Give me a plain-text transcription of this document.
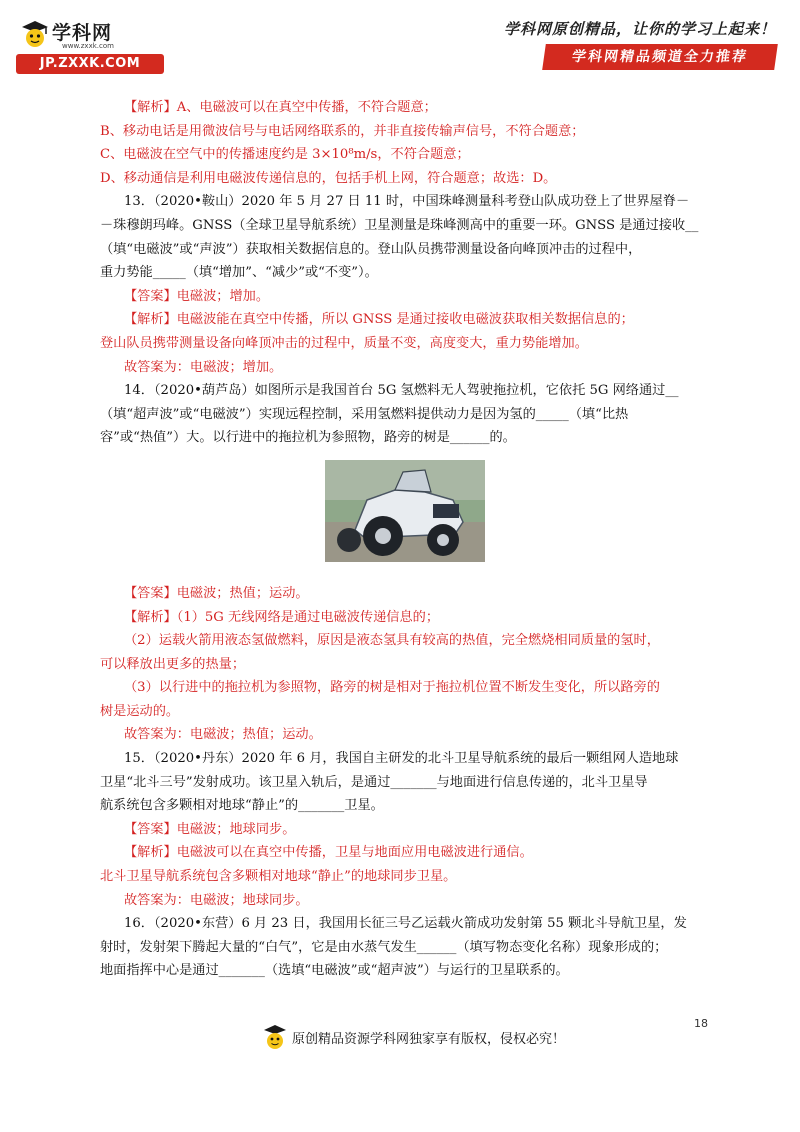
学科网
www.zxxk.com
JP.ZXXK.COM
学科网原创精品，让你的学习上起来！
学科网精品频道全力推荐
【解析】A、电磁波可以在真空中传播，不符合题意；
B、移动电话是用微波信号与电话网络联系的，并非直接传输声信号，不符合题意；
C、电磁波在空气中的传播速度约是 3×10⁸m/s，不符合题意；
D、移动通信是利用电磁波传递信息的，包括手机上网，符合题意；故选：D。
13．（2020•鞍山）2020 年 5 月 27 日 11 时，中国珠峰测量科考登山队成功登上了世界屋脊－
－珠穆朗玛峰。GNSS（全球卫星导航系统）卫星测量是珠峰测高中的重要一环。GNSS 是通过接收__
（填“电磁波”或“声波”）获取相关数据信息的。登山队员携带测量设备向峰顶冲击的过程中，
重力势能_____（填“增加”、“减少”或“不变”）。
【答案】电磁波；增加。
【解析】电磁波能在真空中传播，所以 GNSS 是通过接收电磁波获取相关数据信息的；
登山队员携带测量设备向峰顶冲击的过程中，质量不变，高度变大，重力势能增加。
故答案为：电磁波；增加。
14．（2020•葫芦岛）如图所示是我国首台 5G 氢燃料无人驾驶拖拉机，它依托 5G 网络通过__
（填“超声波”或“电磁波”）实现远程控制，采用氢燃料提供动力是因为氢的_____（填“比热
容”或“热值”）大。以行进中的拖拉机为参照物，路旁的树是______的。
【答案】电磁波；热值；运动。
【解析】（1）5G 无线网络是通过电磁波传递信息的；
（2）运载火箭用液态氢做燃料，原因是液态氢具有较高的热值，完全燃烧相同质量的氢时，
可以释放出更多的热量；
（3）以行进中的拖拉机为参照物，路旁的树是相对于拖拉机位置不断发生变化，所以路旁的
树是运动的。
故答案为：电磁波；热值；运动。
15．（2020•丹东）2020 年 6 月，我国自主研发的北斗卫星导航系统的最后一颗组网人造地球
卫星“北斗三号”发射成功。该卫星入轨后，是通过_______与地面进行信息传递的，北斗卫星导
航系统包含多颗相对地球“静止”的_______卫星。
【答案】电磁波；地球同步。
【解析】电磁波可以在真空中传播，卫星与地面应用电磁波进行通信。
北斗卫星导航系统包含多颗相对地球“静止”的地球同步卫星。
故答案为：电磁波；地球同步。
16．（2020•东营）6 月 23 日，我国用长征三号乙运载火箭成功发射第 55 颗北斗导航卫星，发
射时，发射架下腾起大量的“白气”，它是由水蒸气发生______（填写物态变化名称）现象形成的；
地面指挥中心是通过_______（选填“电磁波”或“超声波”）与运行的卫星联系的。
18
原创精品资源学科网独家享有版权，侵权必究！
